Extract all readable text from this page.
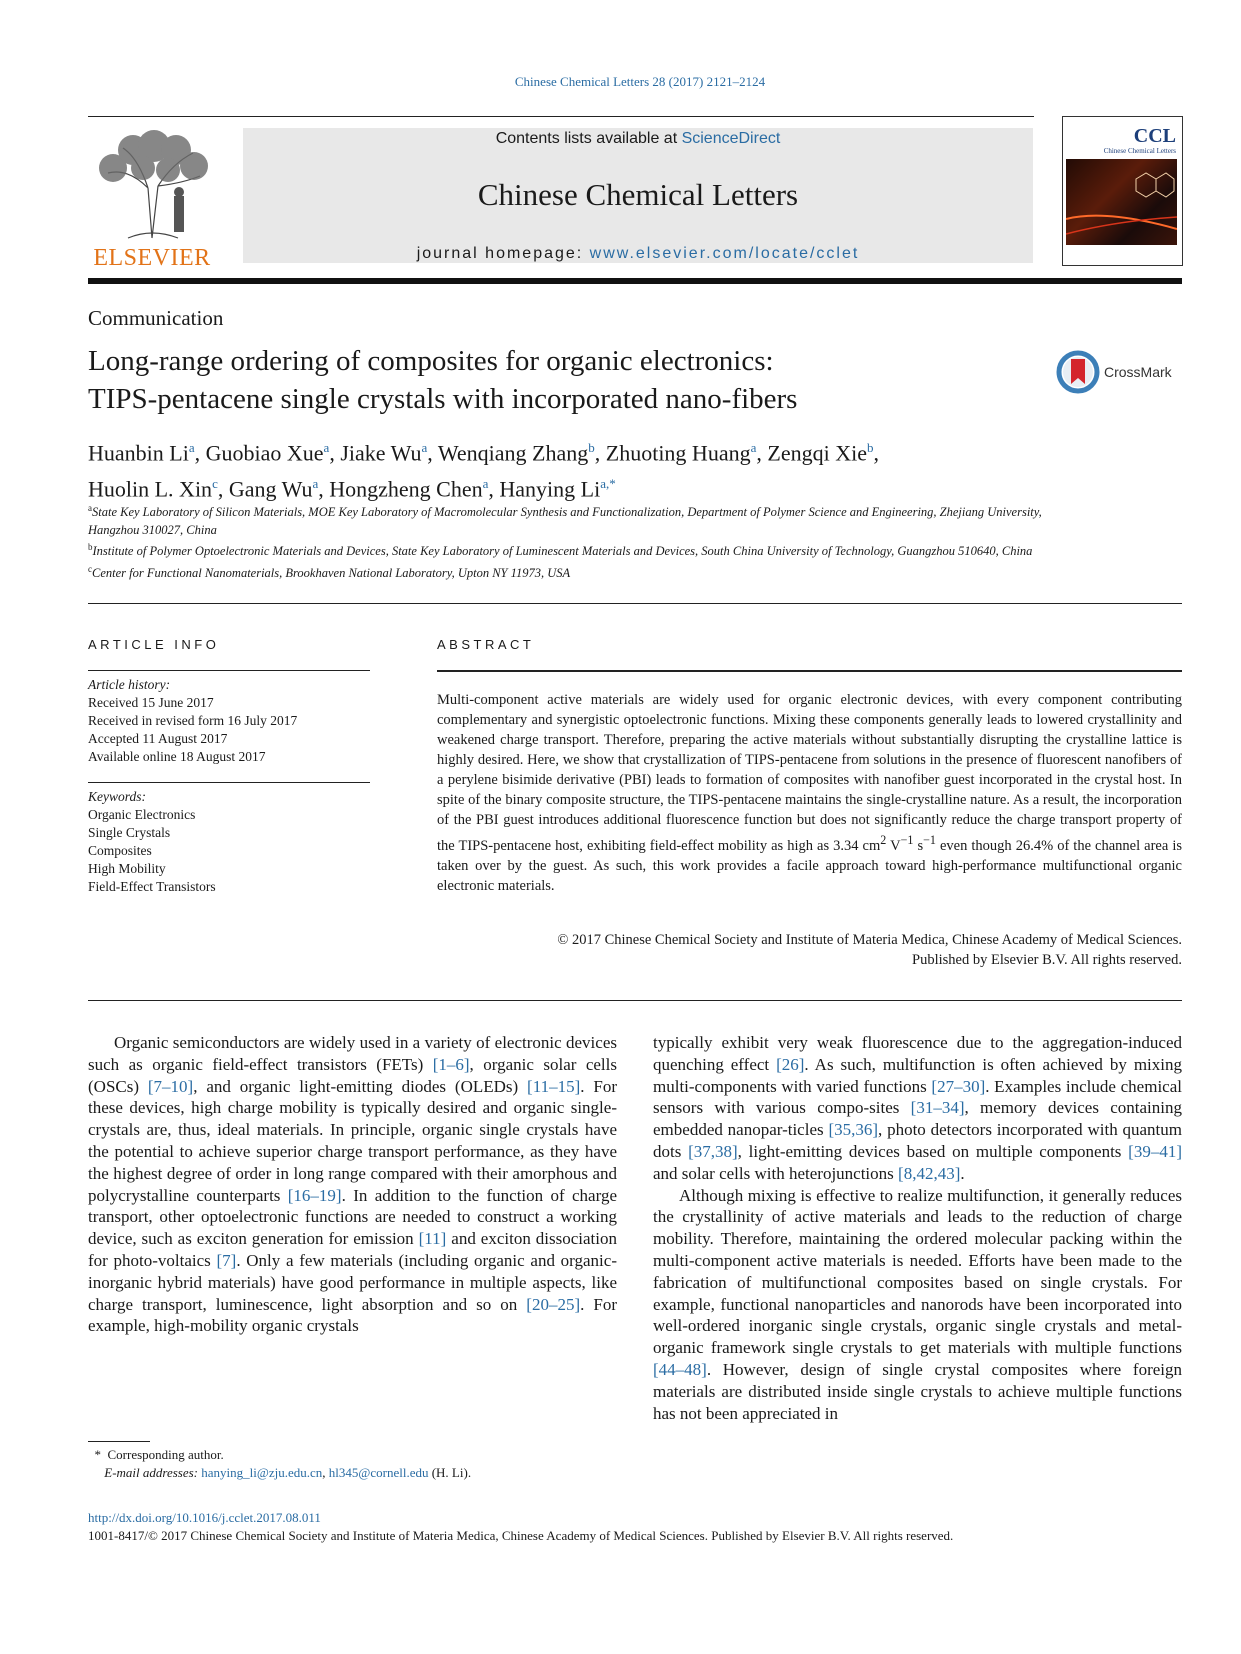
Chinese Chemical Letters 28 (2017) 2121–2124
ELSEVIER
Contents lists available at ScienceDirect
Chinese Chemical Letters
journal homepage: www.elsevier.com/locate/cclet
CCL
Chinese Chemical Letters
Communication
Long-range ordering of composites for organic electronics:
TIPS-pentacene single crystals with incorporated nano-fibers
CrossMark
Huanbin Li$^a$, Guobiao Xue$^a$, Jiake Wu$^a$, Wenqiang Zhang$^b$, Zhuoting Huang$^a$, Zengqi Xie$^b$,
Huolin L. Xin$^c$, Gang Wu$^a$, Hongzheng Chen$^a$, Hanying $Li^{a,*}$
$^a$State Key Laboratory of Silicon Materials, MOE Key Laboratory of Macromolecular Synthesis and Functionalization, Department of Polymer Science and Engineering, Zhejiang University, Hangzhou 310027, China
$^b$Institute of Polymer Optoelectronic Materials and Devices, State Key Laboratory of Luminescent Materials and Devices, South China University of Technology, Guangzhou 510640, China
$^c$Center for Functional Nanomaterials, Brookhaven National Laboratory, Upton NY 11973, USA
ARTICLE INFO	ABSTRACT
Article history:
Received 15 June 2017
Received in revised form 16 July 2017
Accepted 11 August 2017
Available online 18 August 2017
Keywords:
Organic Electronics
Single Crystals
Composites
High Mobility
Field-Effect Transistors
Multi-component active materials are widely used for organic electronic devices, with every component contributing complementary and synergistic optoelectronic functions. Mixing these components generally leads to lowered crystallinity and weakened charge transport. Therefore, preparing the active materials without substantially disrupting the crystalline lattice is highly desired. Here, we show that crystallization of TIPS-pentacene from solutions in the presence of fluorescent nanofibers of a perylene bisimide derivative (PBI) leads to formation of composites with nanofiber guest incorporated in the crystal host. In spite of the binary composite structure, the TIPS-pentacene maintains the single-crystalline nature. As a result, the incorporation of the PBI guest introduces additional fluorescence function but does not significantly reduce the charge transport property of the TIPS-pentacene host, exhibiting field-effect mobility as high as 3.34 $cm^2$ $V^{-1}$ $s^{-1}$ even though 26.4% of the channel area is taken over by the guest. As such, this work provides a facile approach toward high-performance multifunctional organic electronic materials.
© 2017 Chinese Chemical Society and Institute of Materia Medica, Chinese Academy of Medical Sciences.
Published by Elsevier B.V. All rights reserved.
Organic semiconductors are widely used in a variety of electronic devices such as organic field-effect transistors (FETs) [1–6], organic solar cells (OSCs) [7–10], and organic light-emitting diodes (OLEDs) [11–15]. For these devices, high charge mobility is typically desired and organic single-crystals are, thus, ideal materials. In principle, organic single crystals have the potential to achieve superior charge transport performance, as they have the highest degree of order in long range compared with their amorphous and polycrystalline counterparts [16–19]. In addition to the function of charge transport, other optoelectronic functions are needed to construct a working device, such as exciton generation for emission [11] and exciton dissociation for photo-voltaics [7]. Only a few materials (including organic and organic-inorganic hybrid materials) have good performance in multiple aspects, like charge transport, luminescence, light absorption and so on [20–25]. For example, high-mobility organic crystals
typically exhibit very weak fluorescence due to the aggregation-induced quenching effect [26]. As such, multifunction is often achieved by mixing multi-components with varied functions [27–30]. Examples include chemical sensors with various compo-sites [31–34], memory devices containing embedded nanopar-ticles [35,36], photo detectors incorporated with quantum dots [37,38], light-emitting devices based on multiple components [39–41] and solar cells with heterojunctions [8,42,43].
Although mixing is effective to realize multifunction, it generally reduces the crystallinity of active materials and leads to the reduction of charge mobility. Therefore, maintaining the ordered molecular packing within the multi-component active materials is needed. Efforts have been made to the fabrication of multifunctional composites based on single crystals. For example, functional nanoparticles and nanorods have been incorporated into well-ordered inorganic single crystals, organic single crystals and metal-organic framework single crystals to get materials with multiple functions [44–48]. However, design of single crystal composites where foreign materials are distributed inside single crystals to achieve multiple functions has not been appreciated in
* Corresponding author.
E-mail addresses: hanying_li@zju.edu.cn, hl345@cornell.edu (H. Li).
http://dx.doi.org/10.1016/j.cclet.2017.08.011
1001-8417/© 2017 Chinese Chemical Society and Institute of Materia Medica, Chinese Academy of Medical Sciences. Published by Elsevier B.V. All rights reserved.
